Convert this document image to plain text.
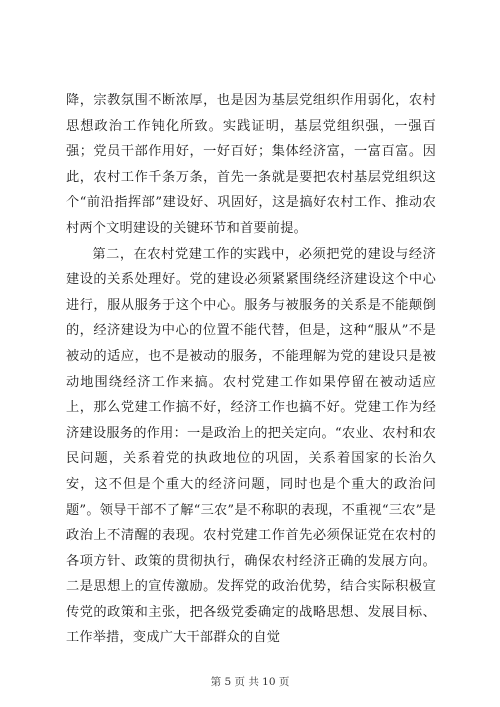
降，宗教氛围不断浓厚，也是因为基层党组织作用弱化，农村思想政治工作钝化所致。实践证明，基层党组织强，一强百强；党员干部作用好，一好百好；集体经济富，一富百富。因此，农村工作千条万条，首先一条就是要把农村基层党组织这个“前沿指挥部”建设好、巩固好，这是搞好农村工作、推动农村两个文明建设的关键环节和首要前提。

第二，在农村党建工作的实践中，必须把党的建设与经济建设的关系处理好。党的建设必须紧紧围绕经济建设这个中心进行，服从服务于这个中心。服务与被服务的关系是不能颠倒的，经济建设为中心的位置不能代替，但是，这种“服从”不是被动的适应，也不是被动的服务，不能理解为党的建设只是被动地围绕经济工作来搞。农村党建工作如果停留在被动适应上，那么党建工作搞不好，经济工作也搞不好。党建工作为经济建设服务的作用：一是政治上的把关定向。“农业、农村和农民问题，关系着党的执政地位的巩固，关系着国家的长治久安，这不但是个重大的经济问题，同时也是个重大的政治问题”。领导干部不了解“三农”是不称职的表现，不重视“三农”是政治上不清醒的表现。农村党建工作首先必须保证党在农村的各项方针、政策的贯彻执行，确保农村经济正确的发展方向。二是思想上的宣传激励。发挥党的政治优势，结合实际积极宣传党的政策和主张，把各级党委确定的战略思想、发展目标、工作举措，变成广大干部群众的自觉

第 5 页 共 10 页
